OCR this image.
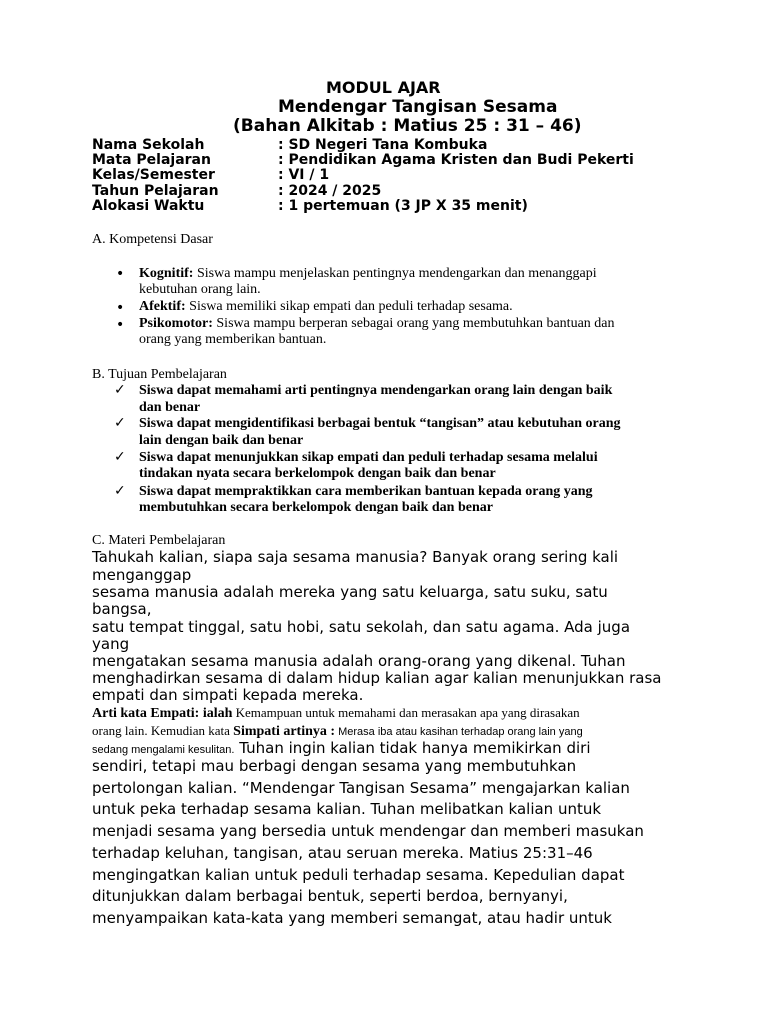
MODUL AJAR
Mendengar Tangisan Sesama
(Bahan Alkitab : Matius 25 : 31 – 46)
Nama Sekolah	: SD Negeri Tana Kombuka
Mata Pelajaran	: Pendidikan Agama Kristen dan Budi Pekerti
Kelas/Semester	: VI / 1
Tahun Pelajaran	: 2024 / 2025
Alokasi Waktu	: 1 pertemuan (3 JP X 35 menit)
A. Kompetensi Dasar
• Kognitif: Siswa mampu menjelaskan pentingnya mendengarkan dan menanggapi
kebutuhan orang lain.
• Afektif: Siswa memiliki sikap empati dan peduli terhadap sesama.
• Psikomotor: Siswa mampu berperan sebagai orang yang membutuhkan bantuan dan
orang yang memberikan bantuan.
B. Tujuan Pembelajaran
✓ Siswa dapat memahami arti pentingnya mendengarkan orang lain dengan baik
dan benar
✓ Siswa dapat mengidentifikasi berbagai bentuk “tangisan” atau kebutuhan orang
lain dengan baik dan benar
✓ Siswa dapat menunjukkan sikap empati dan peduli terhadap sesama melalui
tindakan nyata secara berkelompok dengan baik dan benar
✓ Siswa dapat mempraktikkan cara memberikan bantuan kepada orang yang
membutuhkan secara berkelompok dengan baik dan benar
C. Materi Pembelajaran
Tahukah kalian, siapa saja sesama manusia? Banyak orang sering kali
menganggap
sesama manusia adalah mereka yang satu keluarga, satu suku, satu
bangsa,
satu tempat tinggal, satu hobi, satu sekolah, dan satu agama. Ada juga
yang
mengatakan sesama manusia adalah orang-orang yang dikenal. Tuhan
menghadirkan sesama di dalam hidup kalian agar kalian menunjukkan rasa
empati dan simpati kepada mereka.
Arti kata Empati: ialah Kemampuan untuk memahami dan merasakan apa yang dirasakan
orang lain. Kemudian kata Simpati artinya : Merasa iba atau kasihan terhadap orang lain yang
sedang mengalami kesulitan. Tuhan ingin kalian tidak hanya memikirkan diri
sendiri, tetapi mau berbagi dengan sesama yang membutuhkan
pertolongan kalian. “Mendengar Tangisan Sesama” mengajarkan kalian
untuk peka terhadap sesama kalian. Tuhan melibatkan kalian untuk
menjadi sesama yang bersedia untuk mendengar dan memberi masukan
terhadap keluhan, tangisan, atau seruan mereka. Matius 25:31–46
mengingatkan kalian untuk peduli terhadap sesama. Kepedulian dapat
ditunjukkan dalam berbagai bentuk, seperti berdoa, bernyanyi,
menyampaikan kata-kata yang memberi semangat, atau hadir untuk
